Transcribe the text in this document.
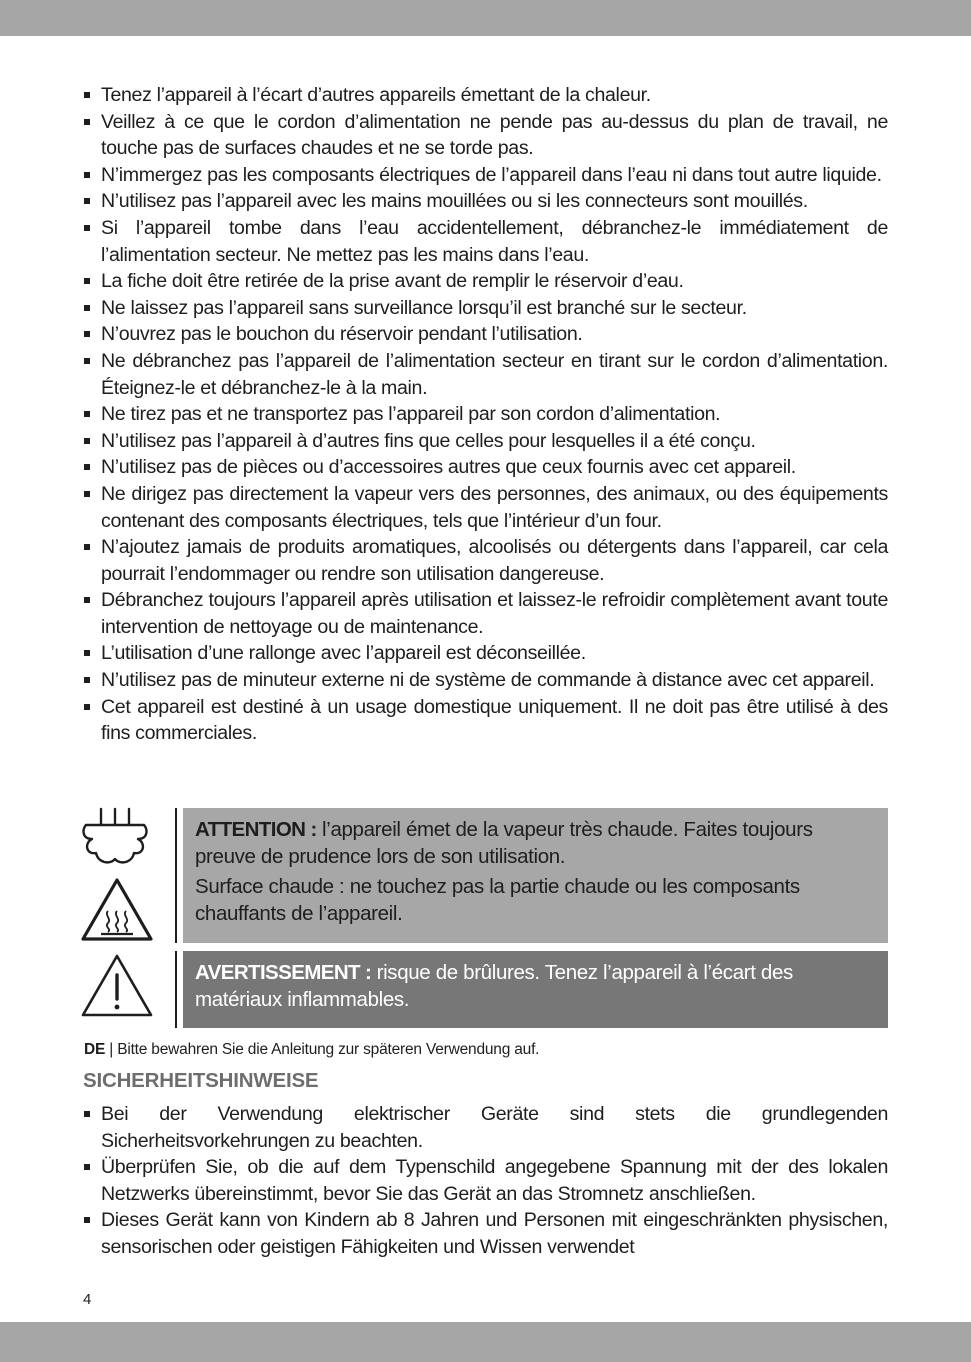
Tenez l’appareil à l’écart d’autres appareils émettant de la chaleur.
Veillez à ce que le cordon d’alimentation ne pende pas au-dessus du plan de travail, ne touche pas de surfaces chaudes et ne se torde pas.
N’immergez pas les composants électriques de l’appareil dans l’eau ni dans tout autre liquide.
N’utilisez pas l’appareil avec les mains mouillées ou si les connecteurs sont mouillés.
Si l’appareil tombe dans l’eau accidentellement, débranchez-le immédiatement de l’alimentation secteur. Ne mettez pas les mains dans l’eau.
La fiche doit être retirée de la prise avant de remplir le réservoir d’eau.
Ne laissez pas l’appareil sans surveillance lorsqu’il est branché sur le secteur.
N’ouvrez pas le bouchon du réservoir pendant l’utilisation.
Ne débranchez pas l’appareil de l’alimentation secteur en tirant sur le cordon d’alimentation. Éteignez-le et débranchez-le à la main.
Ne tirez pas et ne transportez pas l’appareil par son cordon d’alimentation.
N’utilisez pas l’appareil à d’autres fins que celles pour lesquelles il a été conçu.
N’utilisez pas de pièces ou d’accessoires autres que ceux fournis avec cet appareil.
Ne dirigez pas directement la vapeur vers des personnes, des animaux, ou des équipements contenant des composants électriques, tels que l’intérieur d’un four.
N’ajoutez jamais de produits aromatiques, alcoolisés ou détergents dans l’appareil, car cela pourrait l’endommager ou rendre son utilisation dangereuse.
Débranchez toujours l’appareil après utilisation et laissez-le refroidir complètement avant toute intervention de nettoyage ou de maintenance.
L’utilisation d’une rallonge avec l’appareil est déconseillée.
N’utilisez pas de minuteur externe ni de système de commande à distance avec cet appareil.
Cet appareil est destiné à un usage domestique uniquement. Il ne doit pas être utilisé à des fins commerciales.

ATTENTION : l’appareil émet de la vapeur très chaude. Faites toujours preuve de prudence lors de son utilisation.

Surface chaude : ne touchez pas la partie chaude ou les composants chauffants de l’appareil.

AVERTISSEMENT : risque de brûlures. Tenez l’appareil à l’écart des matériaux inflammables.

DE | Bitte bewahren Sie die Anleitung zur späteren Verwendung auf.
SICHERHEITSHINWEISE
Bei der Verwendung elektrischer Geräte sind stets die grundlegenden Sicherheitsvorkehrungen zu beachten.
Überprüfen Sie, ob die auf dem Typenschild angegebene Spannung mit der des lokalen Netzwerks übereinstimmt, bevor Sie das Gerät an das Stromnetz anschließen.
Dieses Gerät kann von Kindern ab 8 Jahren und Personen mit eingeschränkten physischen, sensorischen oder geistigen Fähigkeiten und Wissen verwendet
4
